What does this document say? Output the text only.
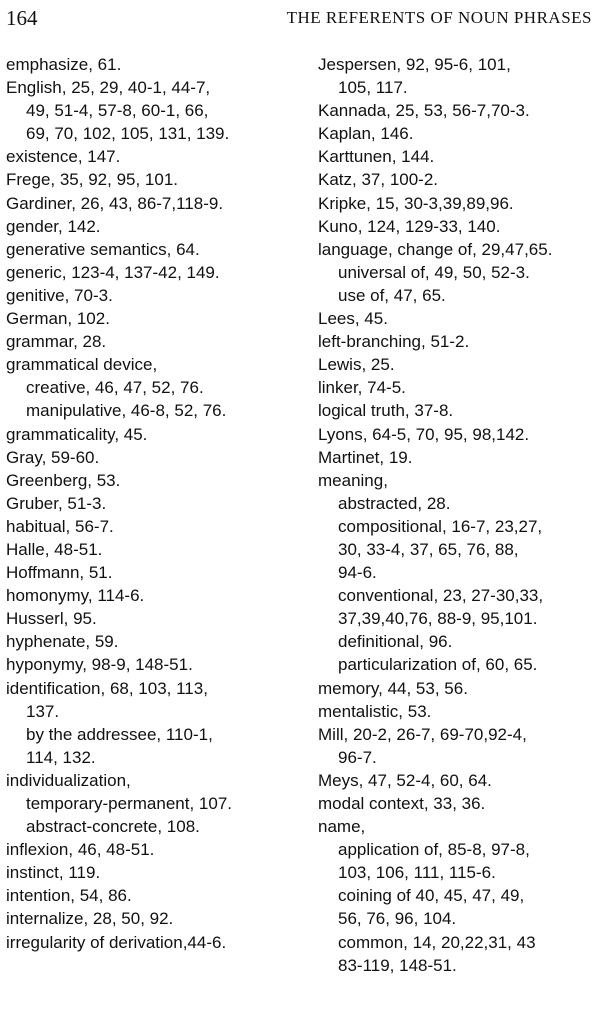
164	THE REFERENTS OF NOUN PHRASES
emphasize, 61.
English, 25, 29, 40-1, 44-7,
49, 51-4, 57-8, 60-1, 66,
69, 70, 102, 105, 131, 139.
existence, 147.
Frege, 35, 92, 95, 101.
Gardiner, 26, 43, 86-7,118-9.
gender, 142.
generative semantics, 64.
generic, 123-4, 137-42, 149.
genitive, 70-3.
German, 102.
grammar, 28.
grammatical device,
creative, 46, 47, 52, 76.
manipulative, 46-8, 52, 76.
grammaticality, 45.
Gray, 59-60.
Greenberg, 53.
Gruber, 51-3.
habitual, 56-7.
Halle, 48-51.
Hoffmann, 51.
homonymy, 114-6.
Husserl, 95.
hyphenate, 59.
hyponymy, 98-9, 148-51.
identification, 68, 103, 113,
137.
by the addressee, 110-1,
114, 132.
individualization,
temporary-permanent, 107.
abstract-concrete, 108.
inflexion, 46, 48-51.
instinct, 119.
intention, 54, 86.
internalize, 28, 50, 92.
irregularity of derivation,44-6.
Jespersen, 92, 95-6, 101,
105, 117.
Kannada, 25, 53, 56-7,70-3.
Kaplan, 146.
Karttunen, 144.
Katz, 37, 100-2.
Kripke, 15, 30-3,39,89,96.
Kuno, 124, 129-33, 140.
language, change of, 29,47,65.
universal of, 49, 50, 52-3.
use of, 47, 65.
Lees, 45.
left-branching, 51-2.
Lewis, 25.
linker, 74-5.
logical truth, 37-8.
Lyons, 64-5, 70, 95, 98,142.
Martinet, 19.
meaning,
abstracted, 28.
compositional, 16-7, 23,27,
30, 33-4, 37, 65, 76, 88,
94-6.
conventional, 23, 27-30,33,
37,39,40,76, 88-9, 95,101.
definitional, 96.
particularization of, 60, 65.
memory, 44, 53, 56.
mentalistic, 53.
Mill, 20-2, 26-7, 69-70,92-4,
96-7.
Meys, 47, 52-4, 60, 64.
modal context, 33, 36.
name,
application of, 85-8, 97-8,
103, 106, 111, 115-6.
coining of 40, 45, 47, 49,
56, 76, 96, 104.
common, 14, 20,22,31, 43
83-119, 148-51.
